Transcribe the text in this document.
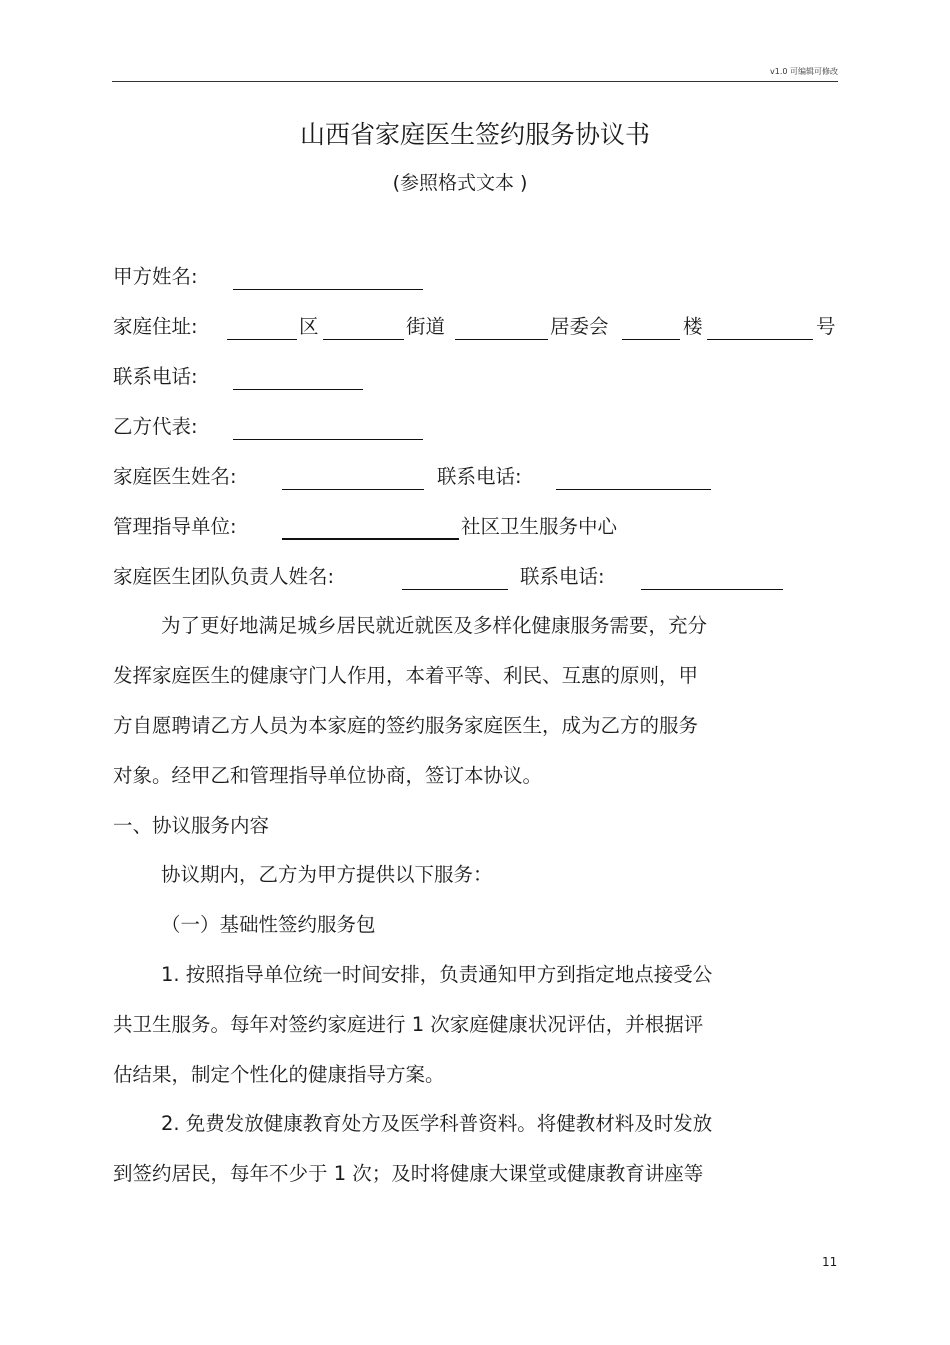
v1.0 可编辑可修改
山西省家庭医生签约服务协议书
(参照格式文本 )
甲方姓名:
家庭住址:	区	街道	居委会	楼	号
联系电话:
乙方代表:
家庭医生姓名:	联系电话:
管理指导单位:	社区卫生服务中心
家庭医生团队负责人姓名:	联系电话:
为了更好地满足城乡居民就近就医及多样化健康服务需要，充分
发挥家庭医生的健康守门人作用，本着平等、利民、互惠的原则，甲
方自愿聘请乙方人员为本家庭的签约服务家庭医生，成为乙方的服务
对象。经甲乙和管理指导单位协商，签订本协议。
一、协议服务内容
协议期内，乙方为甲方提供以下服务：
（一）基础性签约服务包
1. 按照指导单位统一时间安排，负责通知甲方到指定地点接受公
共卫生服务。每年对签约家庭进行 1 次家庭健康状况评估，并根据评
估结果，制定个性化的健康指导方案。
2. 免费发放健康教育处方及医学科普资料。将健教材料及时发放
到签约居民，每年不少于 1 次；及时将健康大课堂或健康教育讲座等
11
